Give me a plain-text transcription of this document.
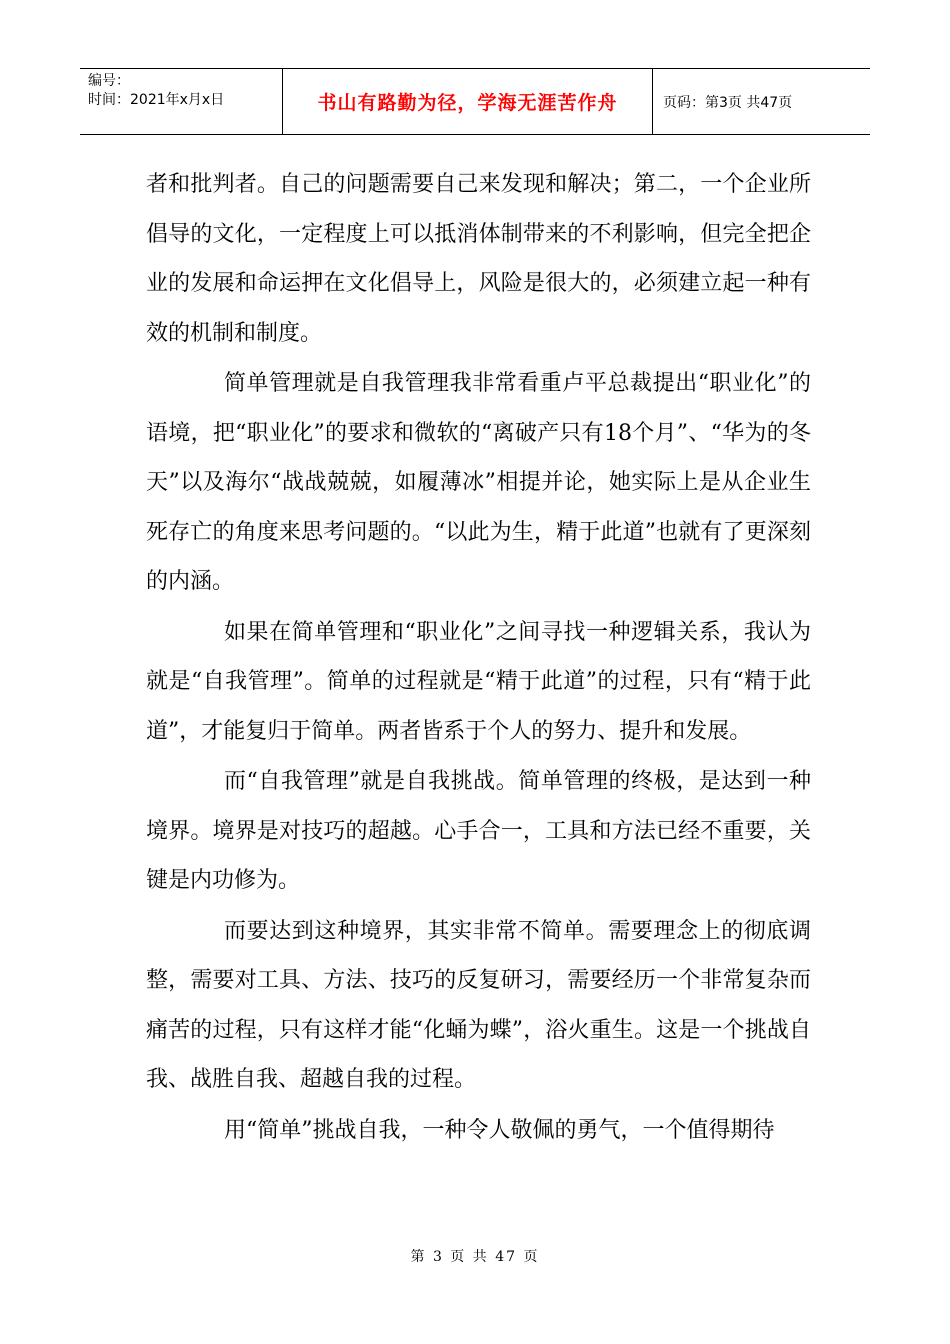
编号：
时间：2021年x月x日	书山有路勤为径，学海无涯苦作舟	页码：第3页 共47页

者和批判者。自己的问题需要自己来发现和解决；第二，一个企业所倡导的文化，一定程度上可以抵消体制带来的不利影响，但完全把企业的发展和命运押在文化倡导上，风险是很大的，必须建立起一种有效的机制和制度。

简单管理就是自我管理我非常看重卢平总裁提出“职业化”的语境，把“职业化”的要求和微软的“离破产只有18个月”、“华为的冬天”以及海尔“战战兢兢，如履薄冰”相提并论，她实际上是从企业生死存亡的角度来思考问题的。“以此为生，精于此道”也就有了更深刻的内涵。

如果在简单管理和“职业化”之间寻找一种逻辑关系，我认为就是“自我管理”。简单的过程就是“精于此道”的过程，只有“精于此道”，才能复归于简单。两者皆系于个人的努力、提升和发展。

而“自我管理”就是自我挑战。简单管理的终极，是达到一种境界。境界是对技巧的超越。心手合一，工具和方法已经不重要，关键是内功修为。

而要达到这种境界，其实非常不简单。需要理念上的彻底调整，需要对工具、方法、技巧的反复研习，需要经历一个非常复杂而痛苦的过程，只有这样才能“化蛹为蝶”，浴火重生。这是一个挑战自我、战胜自我、超越自我的过程。

用“简单”挑战自我，一种令人敬佩的勇气，一个值得期待

第 3 页 共 47 页
